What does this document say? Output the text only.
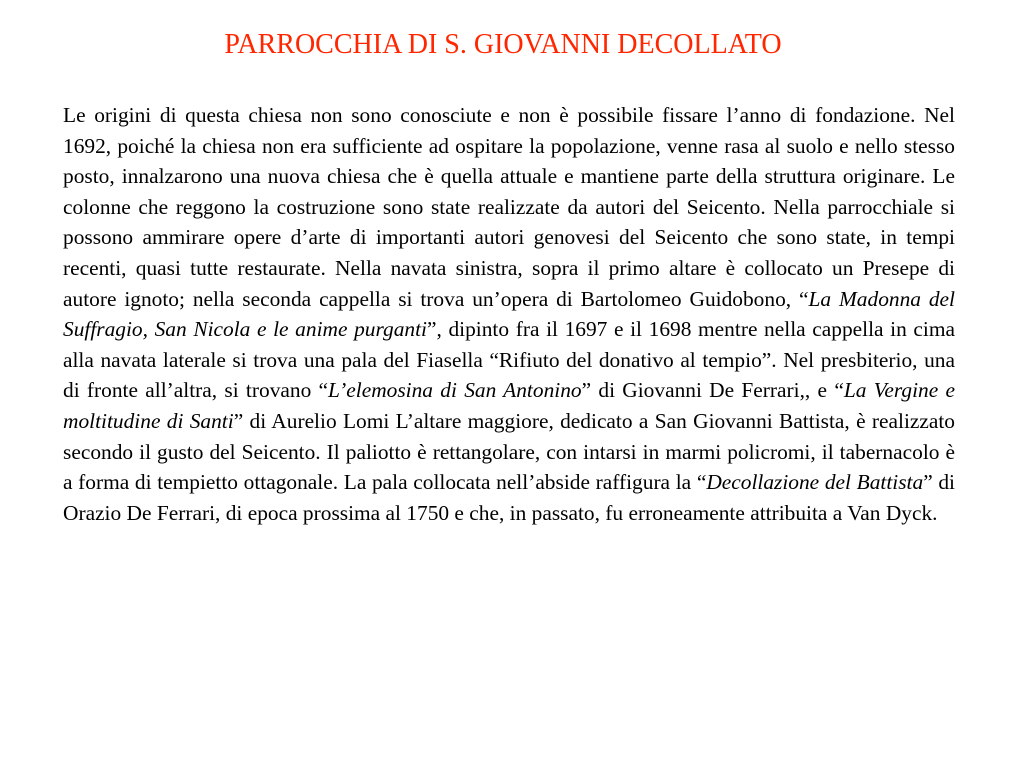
PARROCCHIA DI S. GIOVANNI DECOLLATO

Le origini di questa chiesa non sono conosciute e non è possibile fissare l’anno di fondazione. Nel 1692, poiché la chiesa non era sufficiente ad ospitare la popolazione, venne rasa al suolo e nello stesso posto, innalzarono una nuova chiesa che è quella attuale e mantiene parte della struttura originare. Le colonne che reggono la costruzione sono state realizzate da autori del Seicento. Nella parrocchiale si possono ammirare opere d’arte di importanti autori genovesi del Seicento che sono state, in tempi recenti, quasi tutte restaurate. Nella navata sinistra, sopra il primo altare è collocato un Presepe di autore ignoto; nella seconda cappella si trova un’opera di Bartolomeo Guidobono, “La Madonna del Suffragio, San Nicola e le anime purganti”, dipinto fra il 1697 e il 1698 mentre nella cappella in cima alla navata laterale si trova una pala del Fiasella “Rifiuto del donativo al tempio”. Nel presbiterio, una di fronte all’altra, si trovano “L’elemosina di San Antonino” di Giovanni De Ferrari,, e “La Vergine e moltitudine di Santi” di Aurelio Lomi L’altare maggiore, dedicato a San Giovanni Battista, è realizzato secondo il gusto del Seicento. Il paliotto è rettangolare, con intarsi in marmi policromi, il tabernacolo è a forma di tempietto ottagonale. La pala collocata nell’abside raffigura la “Decollazione del Battista” di Orazio De Ferrari, di epoca prossima al 1750 e che, in passato, fu erroneamente attribuita a Van Dyck.
